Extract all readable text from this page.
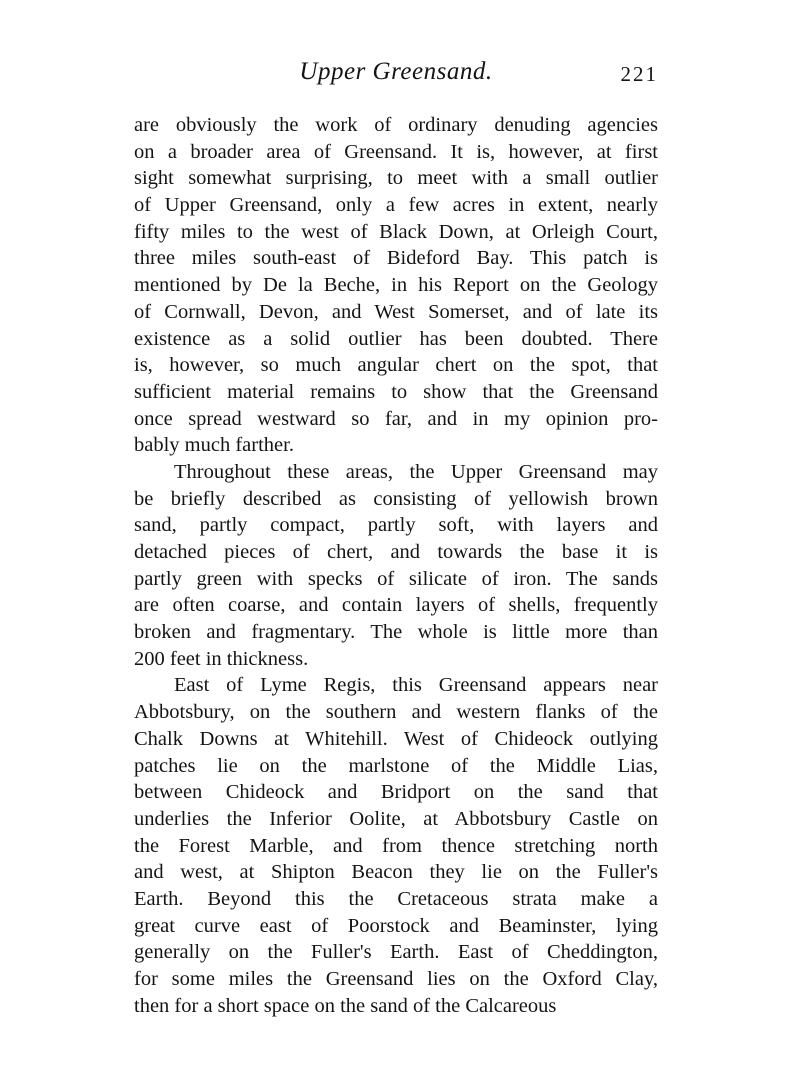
Upper Greensand.	221
are obviously the work of ordinary denuding agencies
on a broader area of Greensand. It is, however, at first
sight somewhat surprising, to meet with a small outlier
of Upper Greensand, only a few acres in extent, nearly
fifty miles to the west of Black Down, at Orleigh Court,
three miles south-east of Bideford Bay. This patch is
mentioned by De la Beche, in his Report on the Geology
of Cornwall, Devon, and West Somerset, and of late its
existence as a solid outlier has been doubted. There
is, however, so much angular chert on the spot, that
sufficient material remains to show that the Greensand
once spread westward so far, and in my opinion pro-
bably much farther.
Throughout these areas, the Upper Greensand may
be briefly described as consisting of yellowish brown
sand, partly compact, partly soft, with layers and
detached pieces of chert, and towards the base it is
partly green with specks of silicate of iron. The sands
are often coarse, and contain layers of shells, frequently
broken and fragmentary. The whole is little more than
200 feet in thickness.
East of Lyme Regis, this Greensand appears near
Abbotsbury, on the southern and western flanks of the
Chalk Downs at Whitehill. West of Chideock outlying
patches lie on the marlstone of the Middle Lias,
between Chideock and Bridport on the sand that
underlies the Inferior Oolite, at Abbotsbury Castle on
the Forest Marble, and from thence stretching north
and west, at Shipton Beacon they lie on the Fuller's
Earth. Beyond this the Cretaceous strata make a
great curve east of Poorstock and Beaminster, lying
generally on the Fuller's Earth. East of Cheddington,
for some miles the Greensand lies on the Oxford Clay,
then for a short space on the sand of the Calcareous
